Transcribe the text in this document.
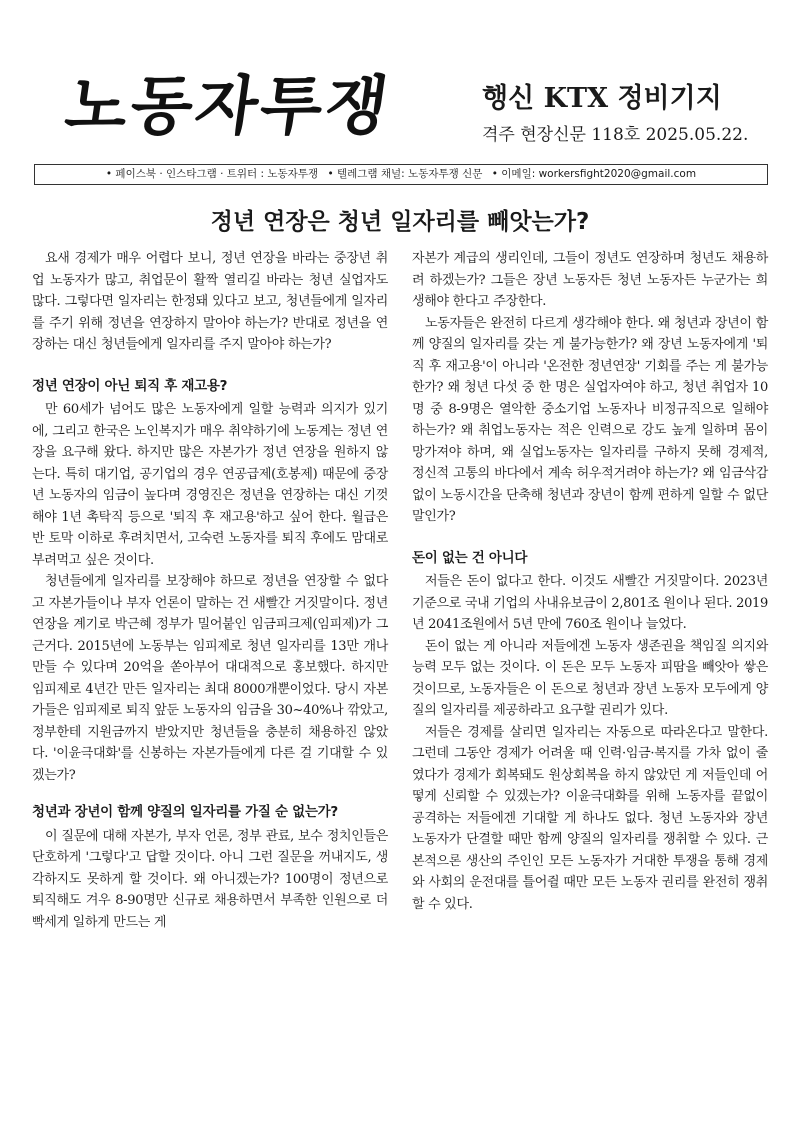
노동자투쟁	행신 KTX 정비기지
격주 현장신문 118호 2025.05.22.
• 페이스북 · 인스타그램 · 트위터 : 노동자투쟁 • 텔레그램 채널: 노동자투쟁 신문 • 이메일: workersfight2020@gmail.com
정년 연장은 청년 일자리를 빼앗는가?

요새 경제가 매우 어렵다 보니, 정년 연장을 바라는 중장년 취업 노동자가 많고, 취업문이 활짝 열리길 바라는 청년 실업자도 많다. 그렇다면 일자리는 한정돼 있다고 보고, 청년들에게 일자리를 주기 위해 정년을 연장하지 말아야 하는가? 반대로 정년을 연장하는 대신 청년들에게 일자리를 주지 말아야 하는가?

정년 연장이 아닌 퇴직 후 재고용?

만 60세가 넘어도 많은 노동자에게 일할 능력과 의지가 있기에, 그리고 한국은 노인복지가 매우 취약하기에 노동계는 정년 연장을 요구해 왔다. 하지만 많은 자본가가 정년 연장을 원하지 않는다. 특히 대기업, 공기업의 경우 연공급제(호봉제) 때문에 중장년 노동자의 임금이 높다며 경영진은 정년을 연장하는 대신 기껏해야 1년 촉탁직 등으로 '퇴직 후 재고용'하고 싶어 한다. 월급은 반 토막 이하로 후려치면서, 고숙련 노동자를 퇴직 후에도 맘대로 부려먹고 싶은 것이다.

청년들에게 일자리를 보장해야 하므로 정년을 연장할 수 없다고 자본가들이나 부자 언론이 말하는 건 새빨간 거짓말이다. 정년연장을 계기로 박근혜 정부가 밀어붙인 임금피크제(임피제)가 그 근거다. 2015년에 노동부는 임피제로 청년 일자리를 13만 개나 만들 수 있다며 20억을 쏟아부어 대대적으로 홍보했다. 하지만 임피제로 4년간 만든 일자리는 최대 8000개뿐이었다. 당시 자본가들은 임피제로 퇴직 앞둔 노동자의 임금을 30~40%나 깎았고, 정부한테 지원금까지 받았지만 청년들을 충분히 채용하진 않았다. '이윤극대화'를 신봉하는 자본가들에게 다른 걸 기대할 수 있겠는가?

청년과 장년이 함께 양질의 일자리를 가질 순 없는가?

이 질문에 대해 자본가, 부자 언론, 정부 관료, 보수 정치인들은 단호하게 '그렇다'고 답할 것이다. 아니 그런 질문을 꺼내지도, 생각하지도 못하게 할 것이다. 왜 아니겠는가? 100명이 정년으로 퇴직해도 겨우 8-90명만 신규로 채용하면서 부족한 인원으로 더 빡세게 일하게 만드는 게

자본가 계급의 생리인데, 그들이 정년도 연장하며 청년도 채용하려 하겠는가? 그들은 장년 노동자든 청년 노동자든 누군가는 희생해야 한다고 주장한다.

노동자들은 완전히 다르게 생각해야 한다. 왜 청년과 장년이 함께 양질의 일자리를 갖는 게 불가능한가? 왜 장년 노동자에게 '퇴직 후 재고용'이 아니라 '온전한 정년연장' 기회를 주는 게 불가능한가? 왜 청년 다섯 중 한 명은 실업자여야 하고, 청년 취업자 10명 중 8-9명은 열악한 중소기업 노동자나 비정규직으로 일해야 하는가? 왜 취업노동자는 적은 인력으로 강도 높게 일하며 몸이 망가져야 하며, 왜 실업노동자는 일자리를 구하지 못해 경제적, 정신적 고통의 바다에서 계속 허우적거려야 하는가? 왜 임금삭감 없이 노동시간을 단축해 청년과 장년이 함께 편하게 일할 수 없단 말인가?

돈이 없는 건 아니다

저들은 돈이 없다고 한다. 이것도 새빨간 거짓말이다. 2023년 기준으로 국내 기업의 사내유보금이 2,801조 원이나 된다. 2019년 2041조원에서 5년 만에 760조 원이나 늘었다.

돈이 없는 게 아니라 저들에겐 노동자 생존권을 책임질 의지와 능력 모두 없는 것이다. 이 돈은 모두 노동자 피땀을 빼앗아 쌓은 것이므로, 노동자들은 이 돈으로 청년과 장년 노동자 모두에게 양질의 일자리를 제공하라고 요구할 권리가 있다.

저들은 경제를 살리면 일자리는 자동으로 따라온다고 말한다. 그런데 그동안 경제가 어려울 때 인력·임금·복지를 가차 없이 줄였다가 경제가 회복돼도 원상회복을 하지 않았던 게 저들인데 어떻게 신뢰할 수 있겠는가? 이윤극대화를 위해 노동자를 끝없이 공격하는 저들에겐 기대할 게 하나도 없다. 청년 노동자와 장년 노동자가 단결할 때만 함께 양질의 일자리를 쟁취할 수 있다. 근본적으론 생산의 주인인 모든 노동자가 거대한 투쟁을 통해 경제와 사회의 운전대를 틀어쥘 때만 모든 노동자 권리를 완전히 쟁취할 수 있다.
